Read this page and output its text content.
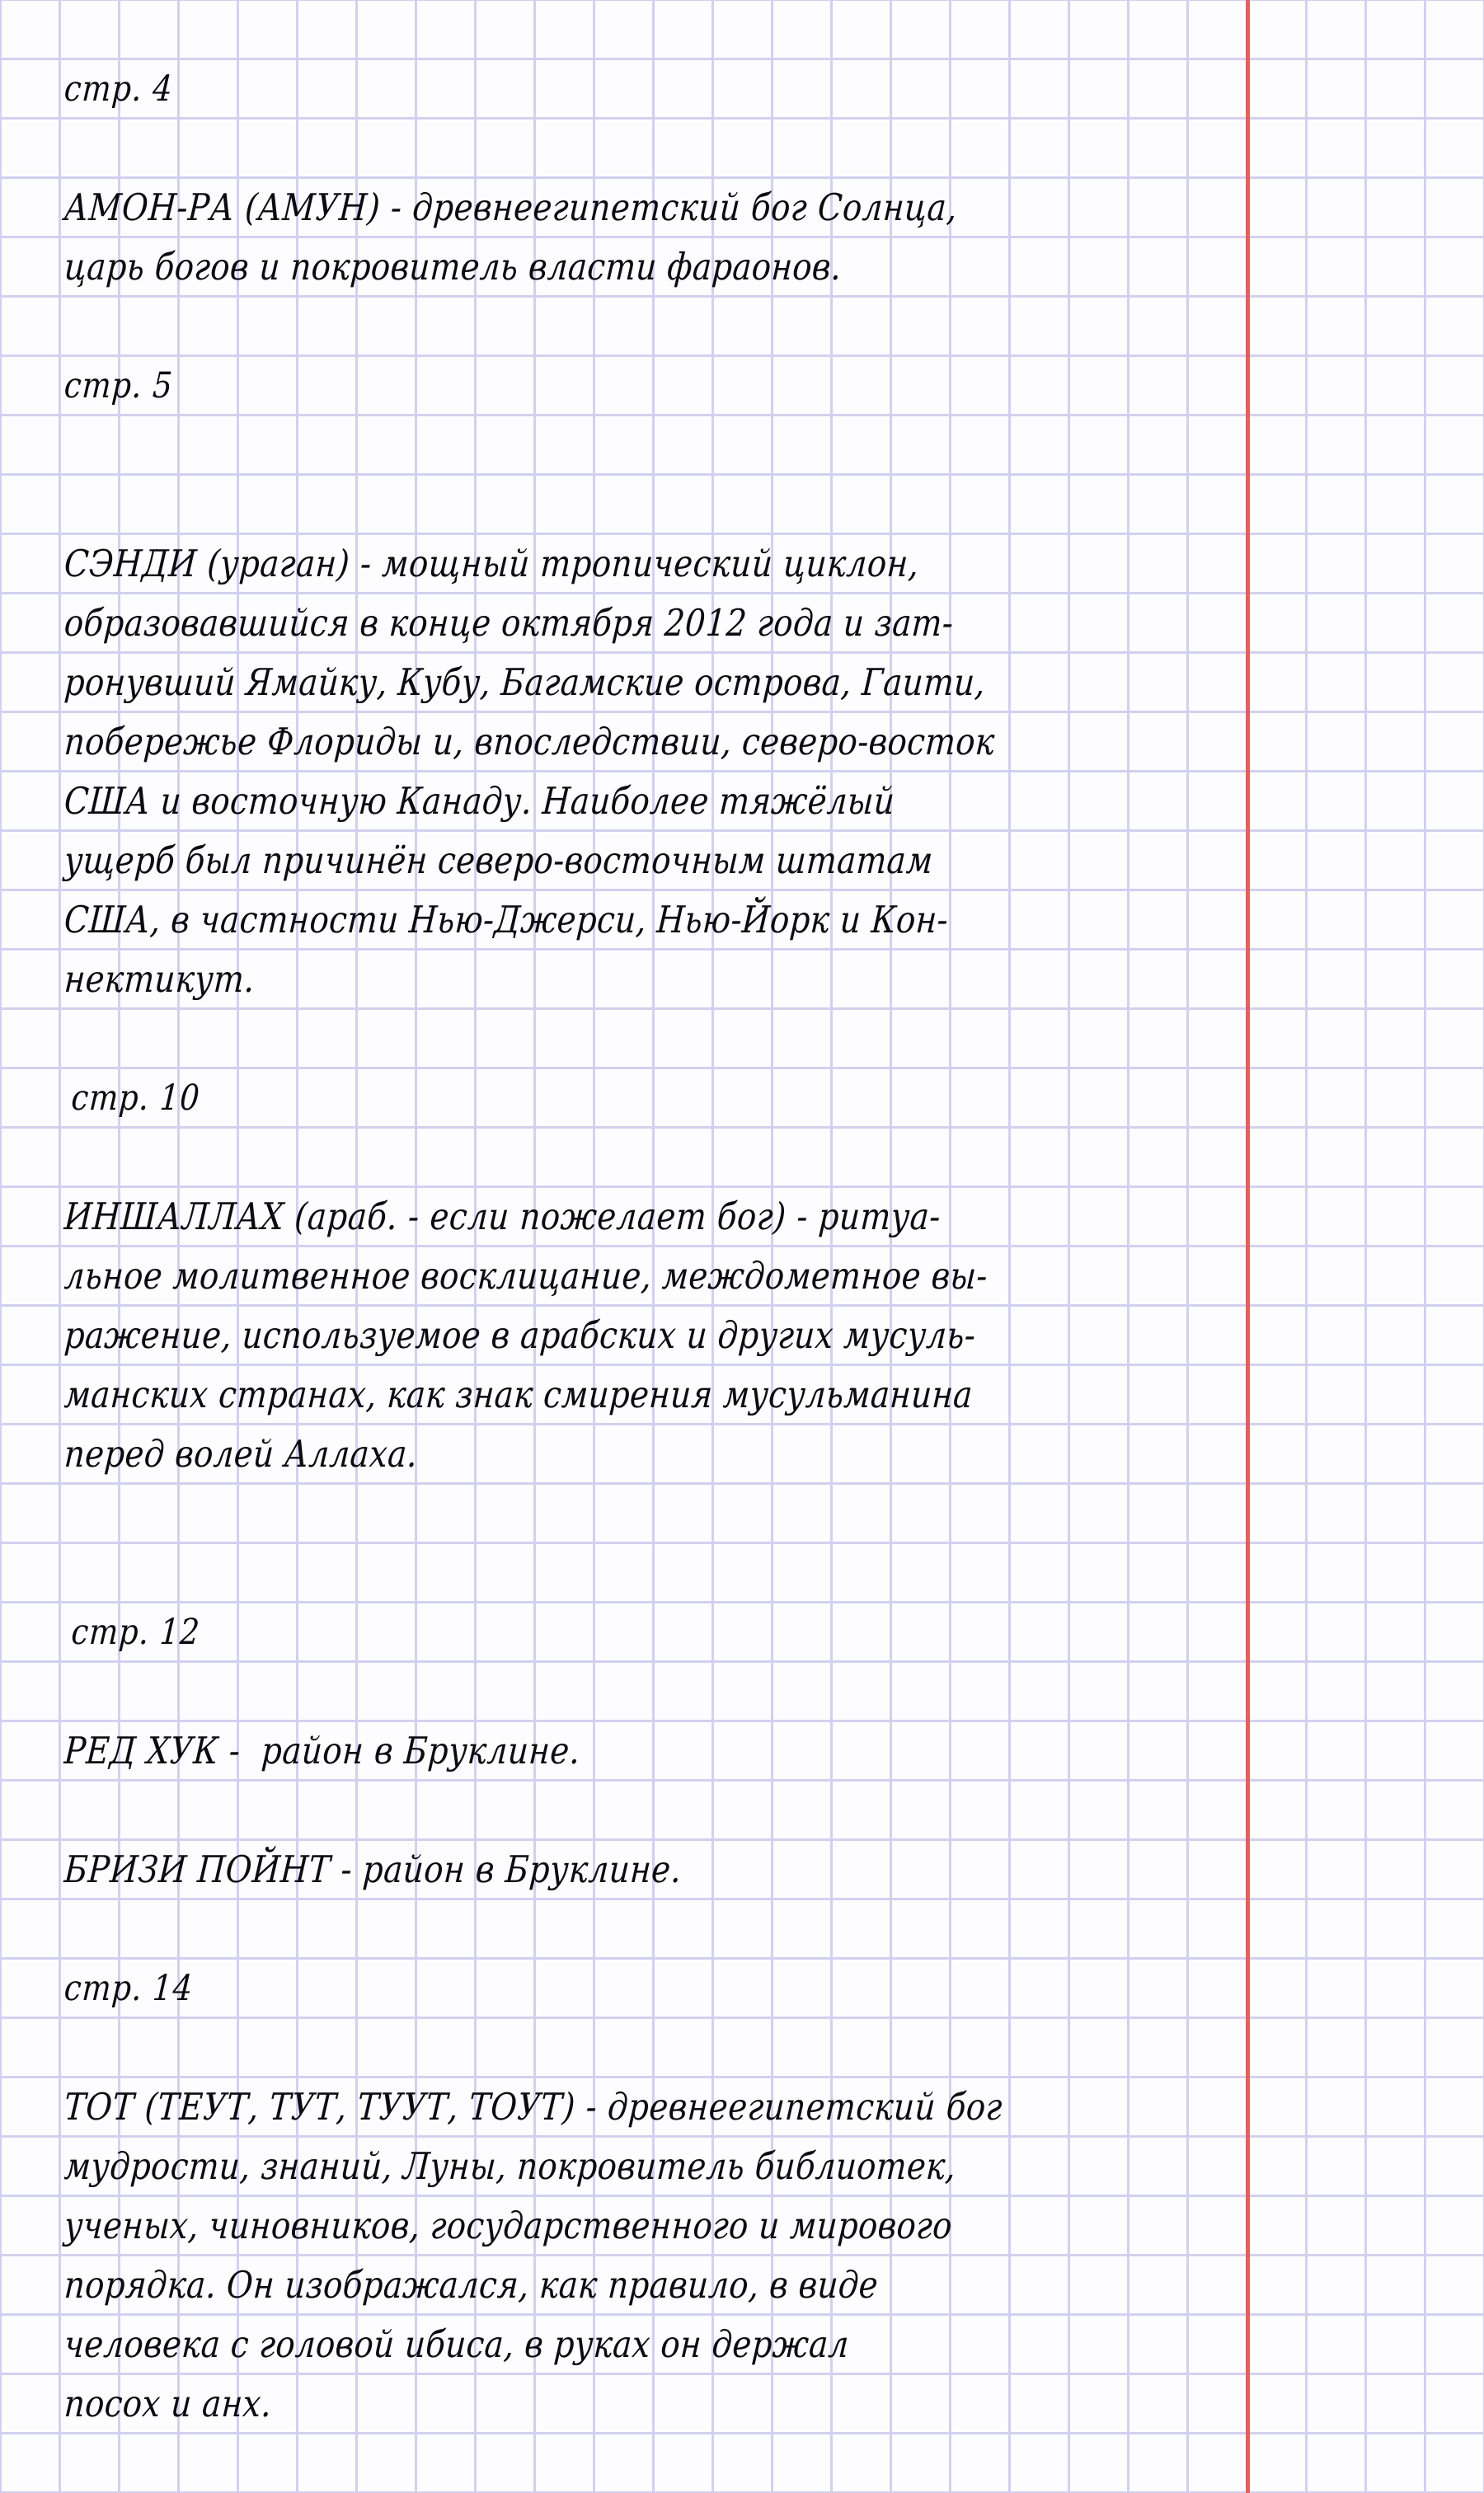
стр. 4

АМОН-РА (АМУН) - древнеегипетский бог Солнца,
царь богов и покровитель власти фараонов.

стр. 5

СЭНДИ (ураган) - мощный тропический циклон,
образовавшийся в конце октября 2012 года и зат-
ронувший Ямайку, Кубу, Багамские острова, Гаити,
побережье Флориды и, впоследствии, северо-восток
США и восточную Канаду. Наиболее тяжёлый
ущерб был причинён северо-восточным штатам
США, в частности Нью-Джерси, Нью-Йорк и Кон-
нектикут.

стр. 10

ИНШАЛЛАХ (араб. - если пожелает бог) - ритуа-
льное молитвенное восклицание, междометное вы-
ражение, используемое в арабских и других мусуль-
манских странах, как знак смирения мусульманина
перед волей Аллаха.

стр. 12

РЕД ХУК -  район в Бруклине.

БРИЗИ ПОЙНТ - район в Бруклине.

стр. 14

ТОТ (ТЕУТ, ТУТ, ТУУТ, ТОУТ) - древнеегипетский бог
мудрости, знаний, Луны, покровитель библиотек,
ученых, чиновников, государственного и мирового
порядка. Он изображался, как правило, в виде
человека с головой ибиса, в руках он держал
посох и анх.
